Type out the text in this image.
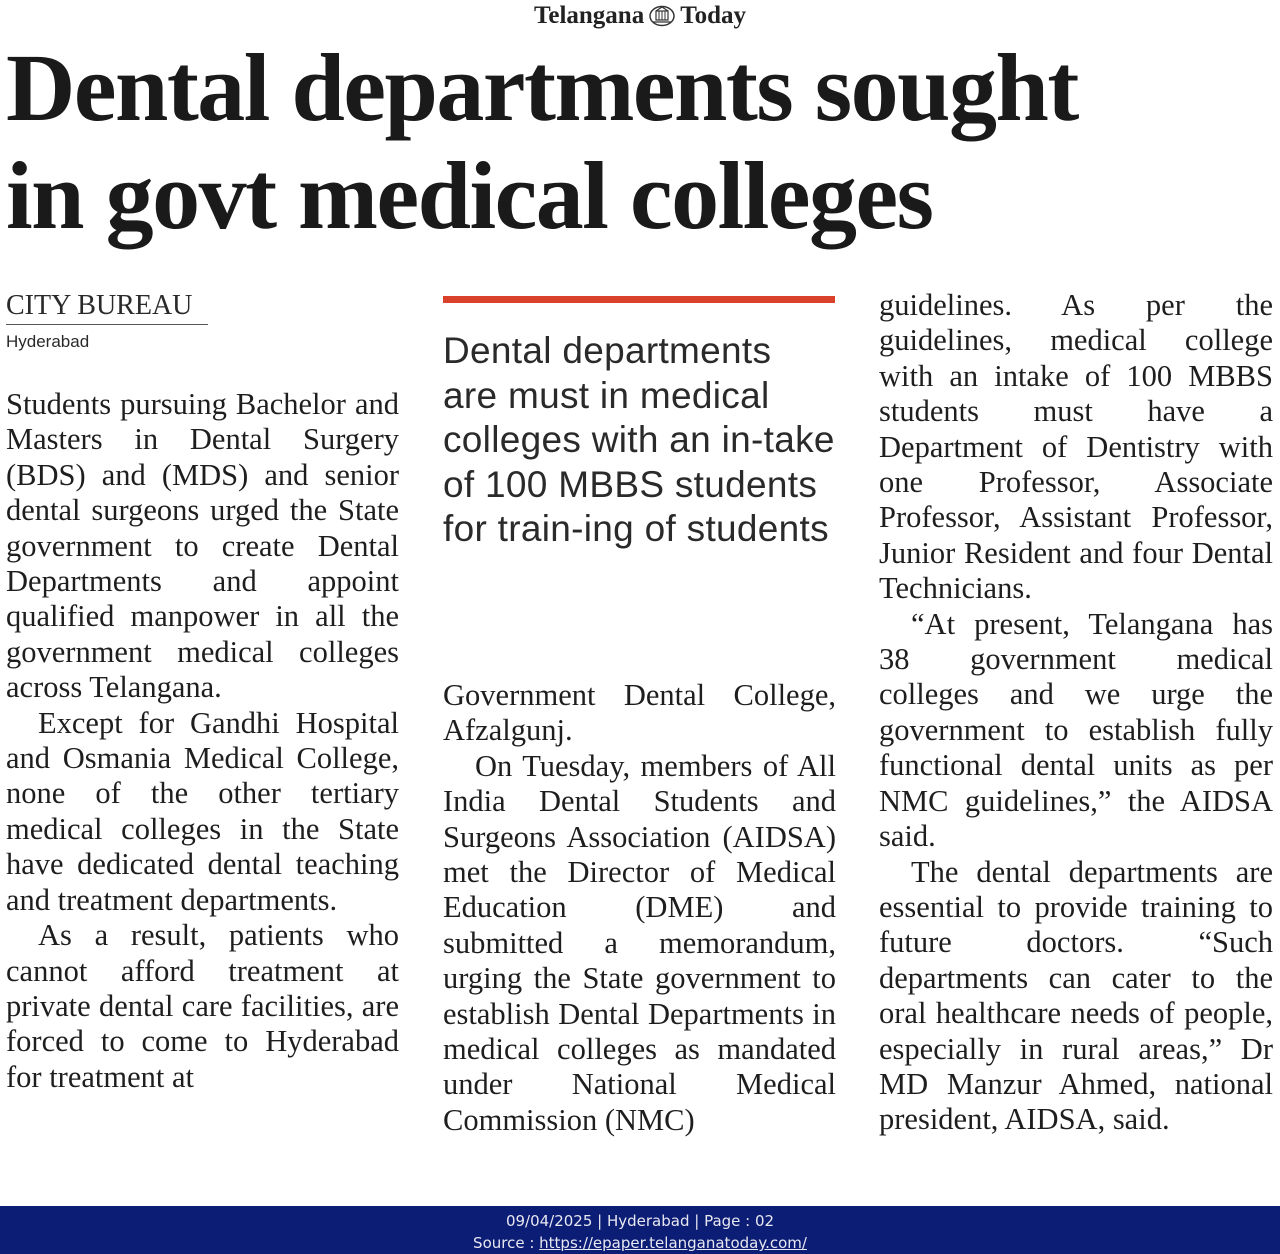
Telangana Today
Dental departments sought
in govt medical colleges
CITY BUREAU
Hyderabad

Students pursuing Bachelor and Masters in Dental Surgery (BDS) and (MDS) and senior dental surgeons urged the State government to create Dental Departments and appoint qualified manpower in all the government medical colleges across Telangana.

Except for Gandhi Hospital and Osmania Medical College, none of the other tertiary medical colleges in the State have dedicated dental teaching and treatment departments.

As a result, patients who cannot afford treatment at private dental care facilities, are forced to come to Hyderabad for treatment at

Dental departments are must in medical colleges with an in-take of 100 MBBS students for train-ing of students

Government Dental College, Afzalgunj.

On Tuesday, members of All India Dental Students and Surgeons Association (AIDSA) met the Director of Medical Education (DME) and submitted a memorandum, urging the State government to establish Dental Departments in medical colleges as mandated under National Medical Commission (NMC)

guidelines. As per the guidelines, medical college with an intake of 100 MBBS students must have a Department of Dentistry with one Professor, Associate Professor, Assistant Professor, Junior Resident and four Dental Technicians.

“At present, Telangana has 38 government medical colleges and we urge the government to establish fully functional dental units as per NMC guidelines,” the AIDSA said.

The dental departments are essential to provide training to future doctors. “Such departments can cater to the oral healthcare needs of people, especially in rural areas,” Dr MD Manzur Ahmed, national president, AIDSA, said.

09/04/2025 | Hyderabad | Page : 02
Source : https://epaper.telanganatoday.com/
